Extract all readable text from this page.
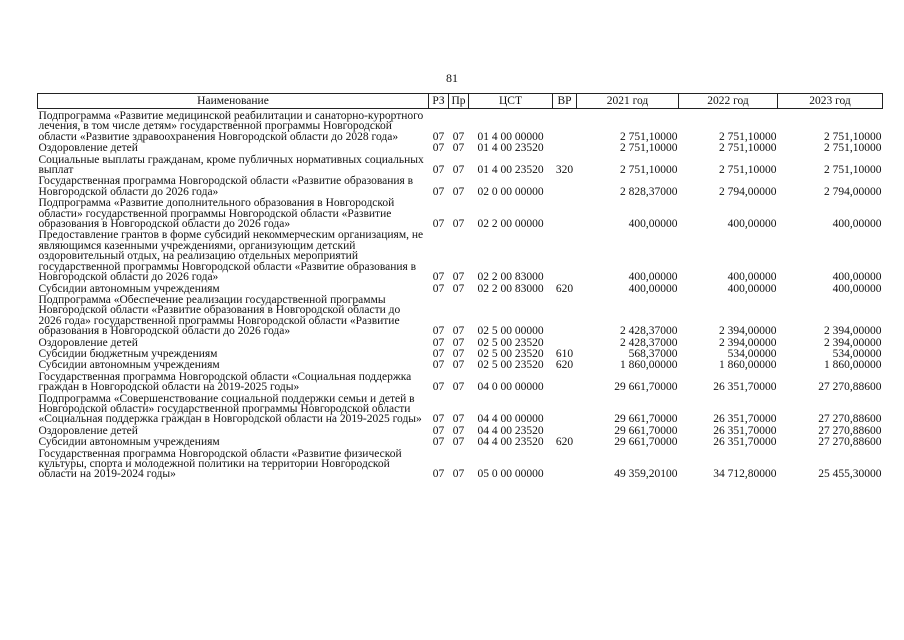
81
Наименование	РЗ	Пр	ЦСТ	ВР	2021 год	2022 год	2023 год
Подпрограмма «Развитие медицинской реабилитации и санаторно-курортного лечения, в том числе детям» государственной программы Новгородской области «Развитие здравоохранения Новгородской области до 2028 года»	07	07	01 4 00 00000		2 751,10000	2 751,10000	2 751,10000
Оздоровление детей	07	07	01 4 00 23520		2 751,10000	2 751,10000	2 751,10000
Социальные выплаты гражданам, кроме публичных нормативных социальных выплат	07	07	01 4 00 23520	320	2 751,10000	2 751,10000	2 751,10000
Государственная программа Новгородской области «Развитие образования в Новгородской области до 2026 года»	07	07	02 0 00 00000		2 828,37000	2 794,00000	2 794,00000
Подпрограмма «Развитие дополнительного образования в Новгородской области» государственной программы Новгородской области «Развитие образования в Новгородской области до 2026 года»	07	07	02 2 00 00000		400,00000	400,00000	400,00000
Предоставление грантов в форме субсидий некоммерческим организациям, не являющимся казенными учреждениями, организующим детский оздоровительный отдых, на реализацию отдельных мероприятий государственной программы Новгородской области «Развитие образования в Новгородской области до 2026 года»	07	07	02 2 00 83000		400,00000	400,00000	400,00000
Субсидии автономным учреждениям	07	07	02 2 00 83000	620	400,00000	400,00000	400,00000
Подпрограмма «Обеспечение реализации государственной программы Новгородской области «Развитие образования в Новгородской области до 2026 года» государственной программы Новгородской области «Развитие образования в Новгородской области до 2026 года»	07	07	02 5 00 00000		2 428,37000	2 394,00000	2 394,00000
Оздоровление детей	07	07	02 5 00 23520		2 428,37000	2 394,00000	2 394,00000
Субсидии бюджетным учреждениям	07	07	02 5 00 23520	610	568,37000	534,00000	534,00000
Субсидии автономным учреждениям	07	07	02 5 00 23520	620	1 860,00000	1 860,00000	1 860,00000
Государственная программа Новгородской области «Социальная поддержка граждан в Новгородской области на 2019-2025 годы»	07	07	04 0 00 00000		29 661,70000	26 351,70000	27 270,88600
Подпрограмма «Совершенствование социальной поддержки семьи и детей в Новгородской области» государственной программы Новгородской области «Социальная поддержка граждан в Новгородской области на 2019-2025 годы»	07	07	04 4 00 00000		29 661,70000	26 351,70000	27 270,88600
Оздоровление детей	07	07	04 4 00 23520		29 661,70000	26 351,70000	27 270,88600
Субсидии автономным учреждениям	07	07	04 4 00 23520	620	29 661,70000	26 351,70000	27 270,88600
Государственная программа Новгородской области «Развитие физической культуры, спорта и молодежной политики на территории Новгородской области на 2019-2024 годы»	07	07	05 0 00 00000		49 359,20100	34 712,80000	25 455,30000
